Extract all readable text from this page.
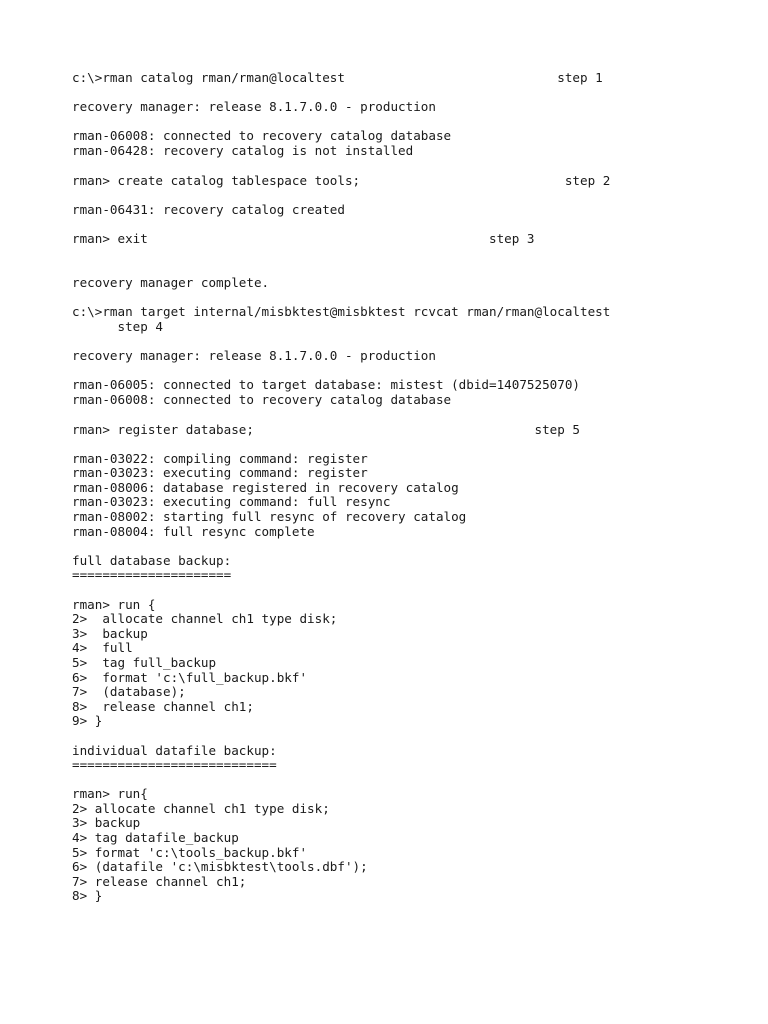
c:\>rman catalog rman/rman@localtest                            step 1

recovery manager: release 8.1.7.0.0 - production

rman-06008: connected to recovery catalog database

rman-06428: recovery catalog is not installed

rman> create catalog tablespace tools;                           step 2

rman-06431: recovery catalog created

rman> exit                                             step 3

recovery manager complete.

c:\>rman target internal/misbktest@misbktest rcvcat rman/rman@localtest

step 4

recovery manager: release 8.1.7.0.0 - production

rman-06005: connected to target database: mistest (dbid=1407525070)

rman-06008: connected to recovery catalog database

rman> register database;                                     step 5

rman-03022: compiling command: register

rman-03023: executing command: register

rman-08006: database registered in recovery catalog

rman-03023: executing command: full resync

rman-08002: starting full resync of recovery catalog

rman-08004: full resync complete

full database backup:

=====================

rman> run {

2>  allocate channel ch1 type disk;

3>  backup

4>  full

5>  tag full_backup

6>  format 'c:\full_backup.bkf'

7>  (database);

8>  release channel ch1;

9> }

individual datafile backup:

===========================

rman> run{

2> allocate channel ch1 type disk;

3> backup

4> tag datafile_backup

5> format 'c:\tools_backup.bkf'

6> (datafile 'c:\misbktest\tools.dbf');

7> release channel ch1;

8> }
